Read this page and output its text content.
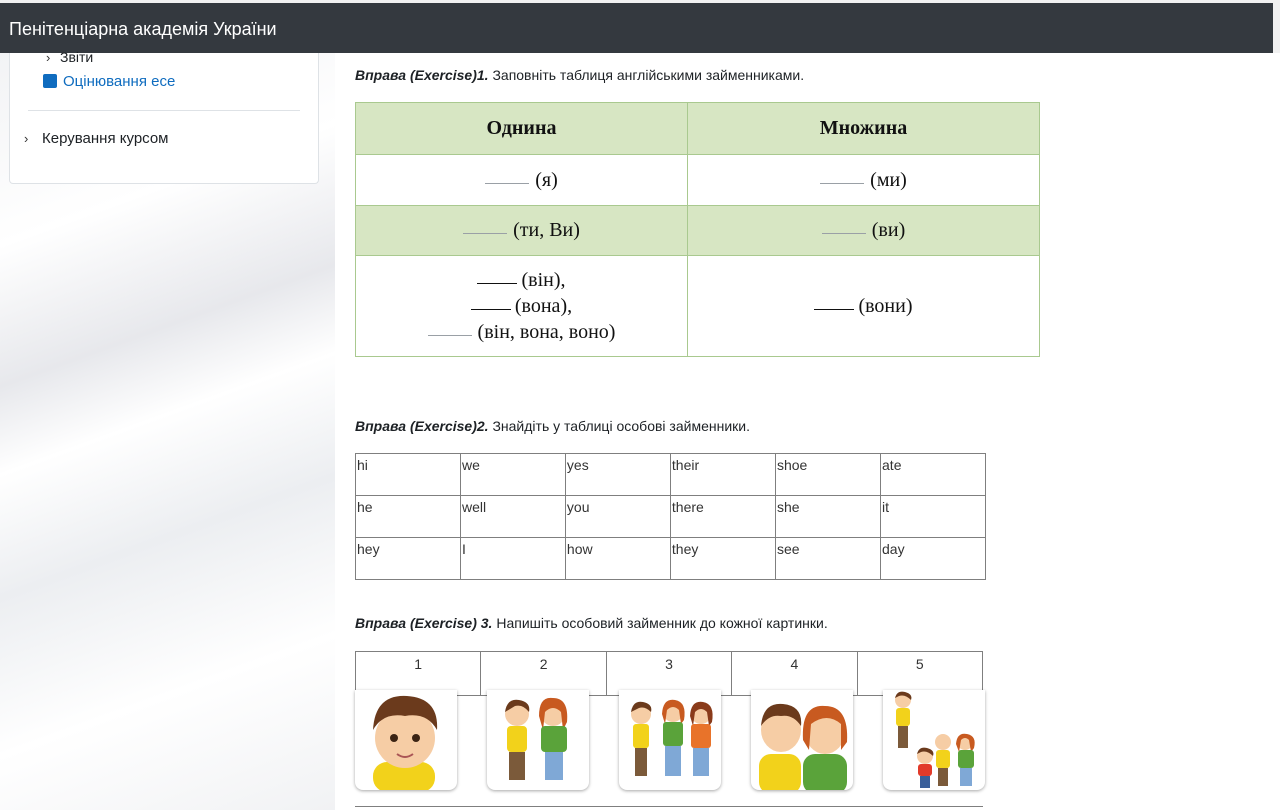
Пенітенціарна академія України
› Звіти
Оцінювання есе
› Керування курсом
Вправа (Exercise)1. Заповніть таблиця англійськими займенниками.
Однина	Множина
(я)	(ми)
(ти, Ви)	(ви)

(він),
(вона),
(він, вона, воно)	(вони)
Вправа (Exercise)2. Знайдіть у таблиці особові займенники.
hi	we	yes	their	shoe	ate
he	well	you	there	she	it
hey	I	how	they	see	day
Вправа (Exercise) 3. Напишіть особовий займенник до кожної картинки.
1	2	3	4	5
